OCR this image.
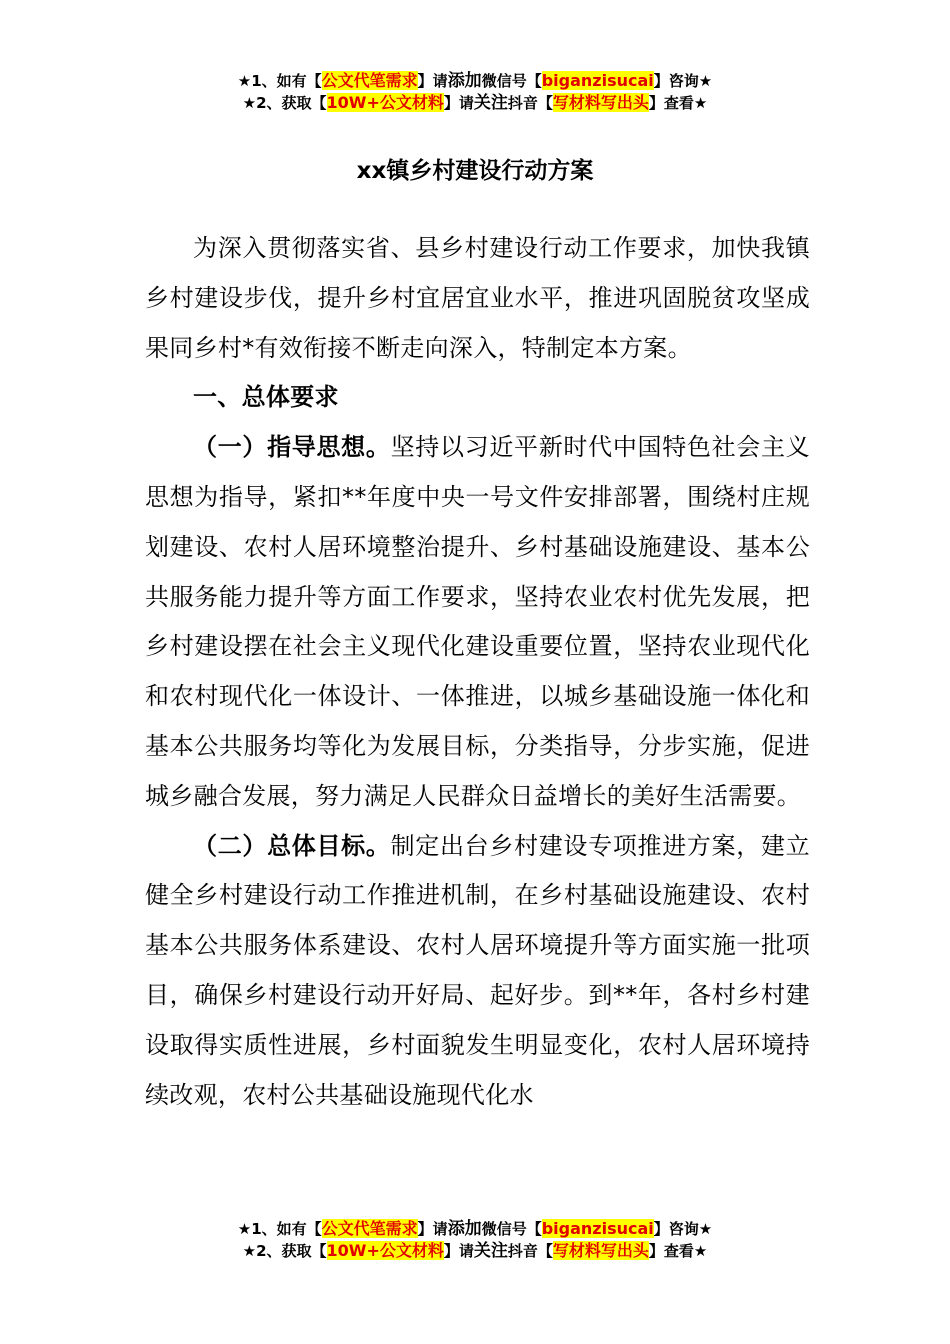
★1、如有【公文代笔需求】请添加微信号【biganzisucai】咨询★
★2、获取【10W+公文材料】请关注抖音【写材料写出头】查看★
xx镇乡村建设行动方案

为深入贯彻落实省、县乡村建设行动工作要求，加快我镇乡村建设步伐，提升乡村宜居宜业水平，推进巩固脱贫攻坚成果同乡村*有效衔接不断走向深入，特制定本方案。

一、总体要求

（一）指导思想。坚持以习近平新时代中国特色社会主义思想为指导，紧扣**年度中央一号文件安排部署，围绕村庄规划建设、农村人居环境整治提升、乡村基础设施建设、基本公共服务能力提升等方面工作要求，坚持农业农村优先发展，把乡村建设摆在社会主义现代化建设重要位置，坚持农业现代化和农村现代化一体设计、一体推进，以城乡基础设施一体化和基本公共服务均等化为发展目标，分类指导，分步实施，促进城乡融合发展，努力满足人民群众日益增长的美好生活需要。

（二）总体目标。制定出台乡村建设专项推进方案，建立健全乡村建设行动工作推进机制，在乡村基础设施建设、农村基本公共服务体系建设、农村人居环境提升等方面实施一批项目，确保乡村建设行动开好局、起好步。到**年，各村乡村建设取得实质性进展，乡村面貌发生明显变化，农村人居环境持续改观，农村公共基础设施现代化水

★1、如有【公文代笔需求】请添加微信号【biganzisucai】咨询★
★2、获取【10W+公文材料】请关注抖音【写材料写出头】查看★
